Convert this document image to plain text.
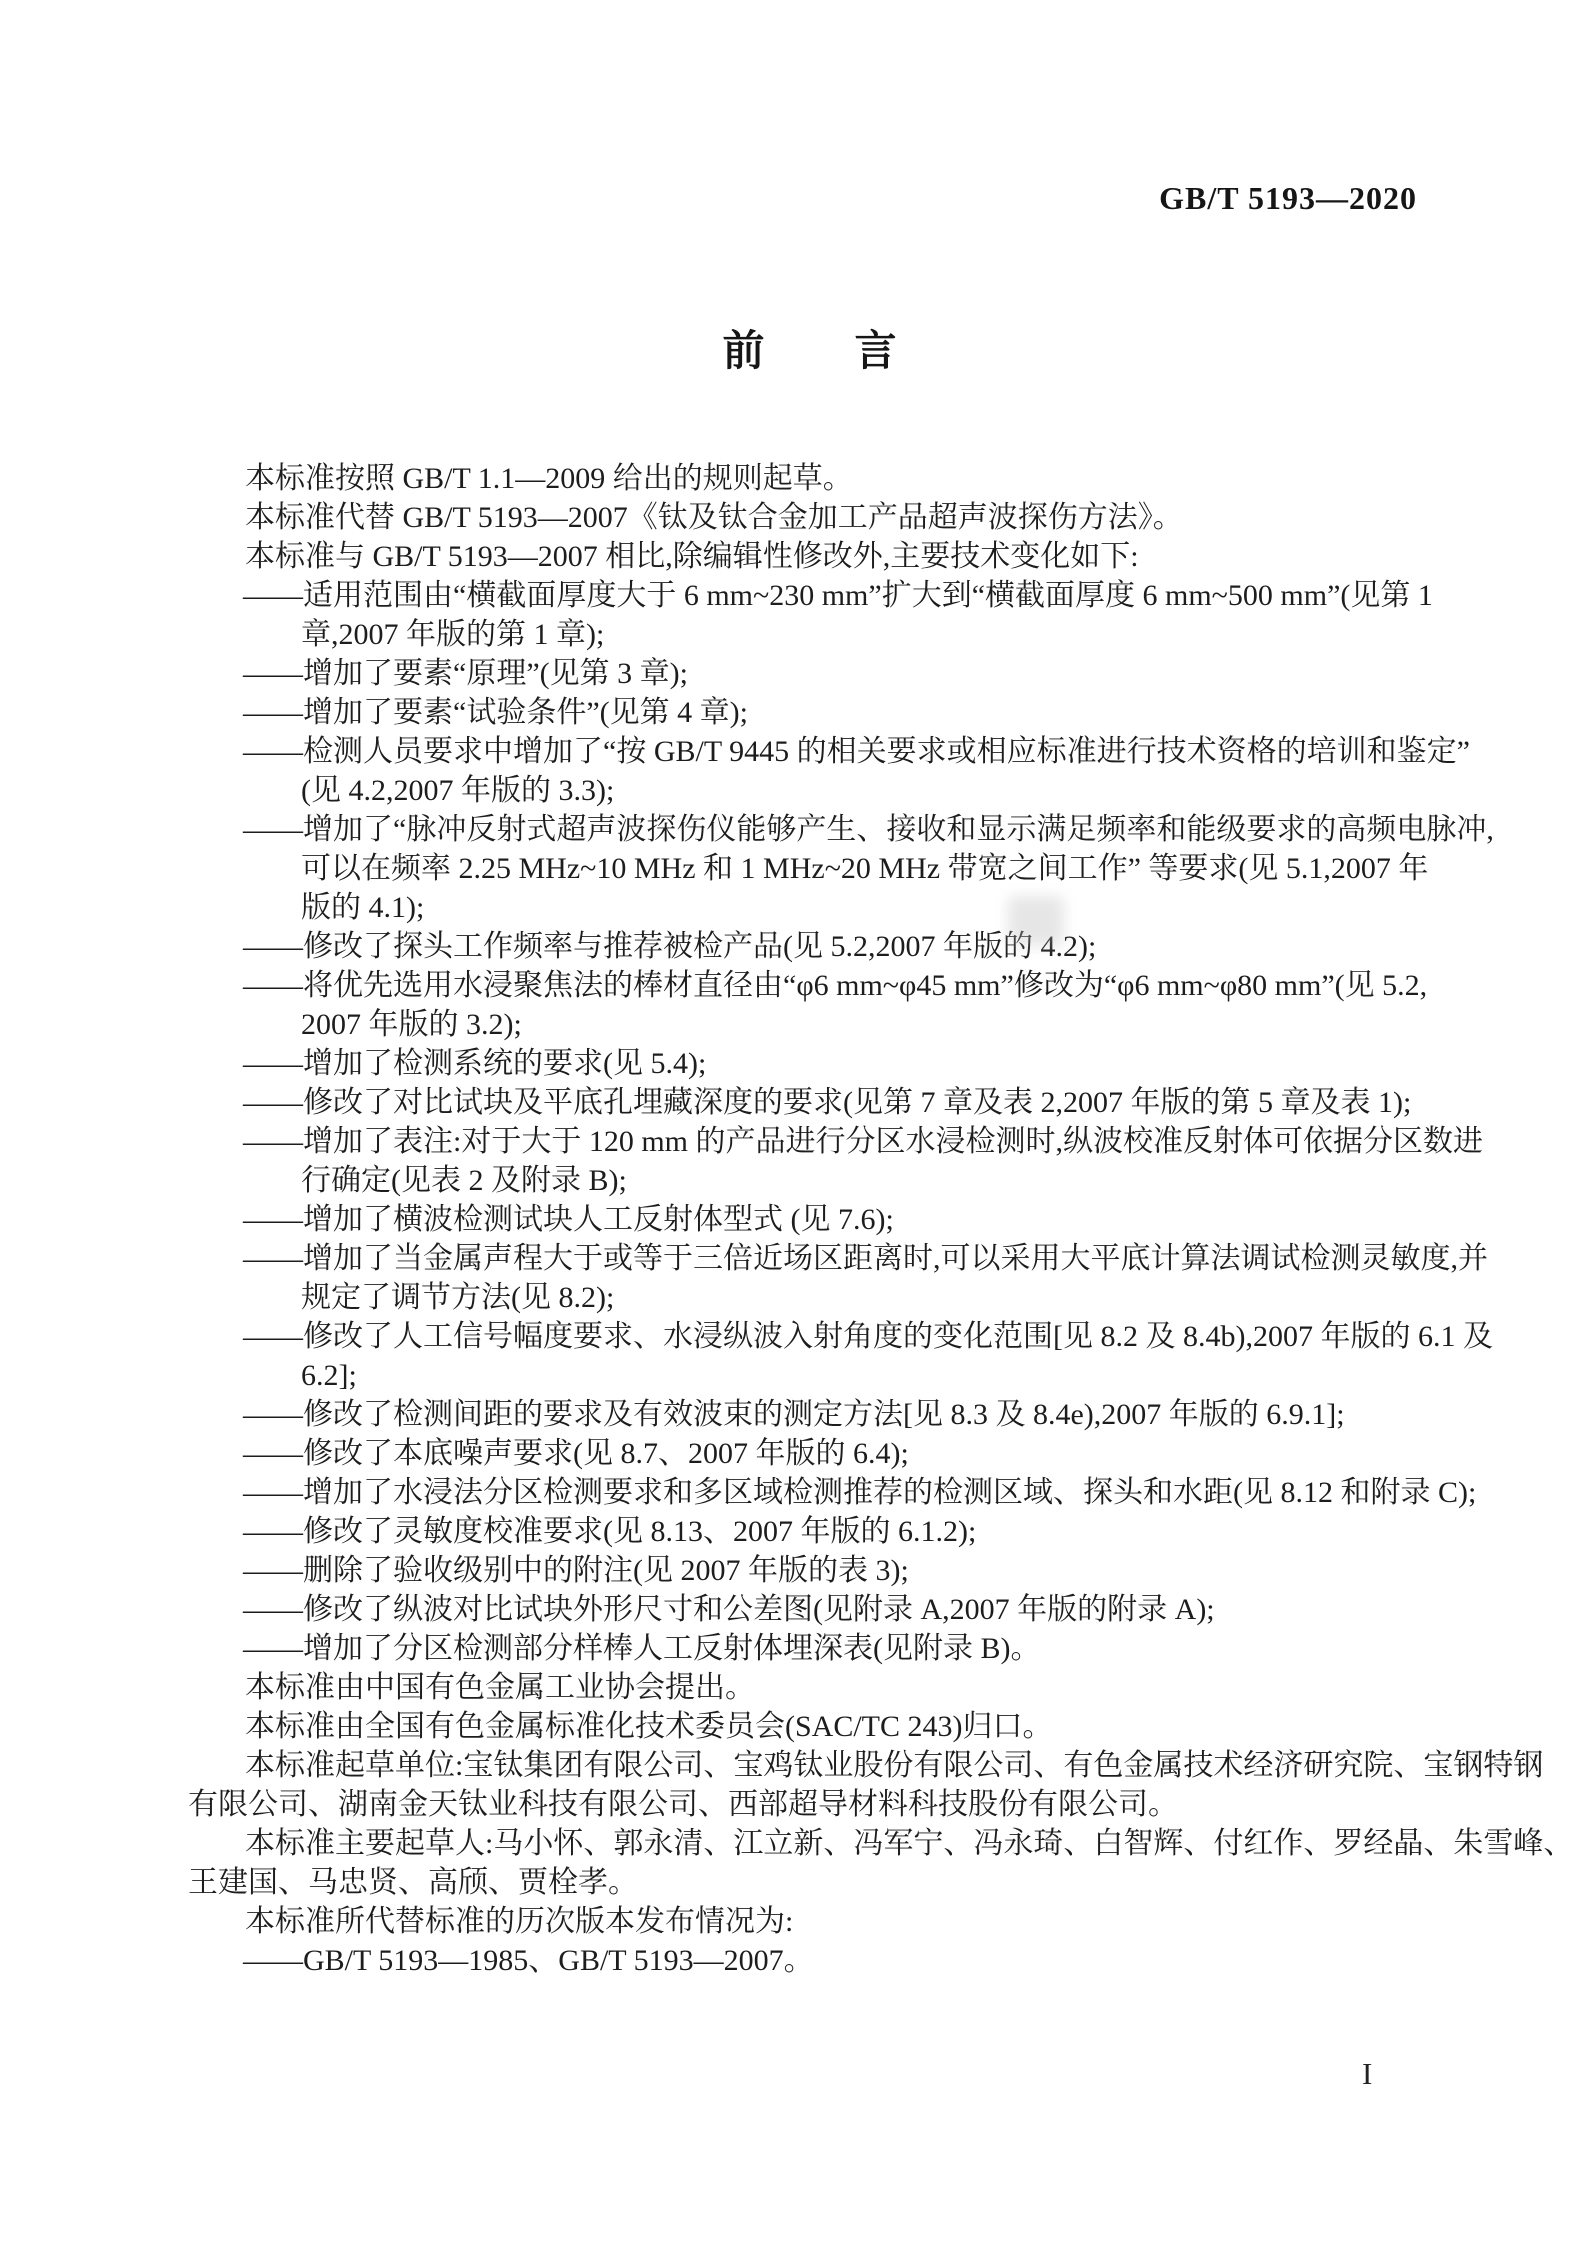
GB/T 5193—2020
前　　言
本标准按照 GB/T 1.1—2009 给出的规则起草。
本标准代替 GB/T 5193—2007《钛及钛合金加工产品超声波探伤方法》。
本标准与 GB/T 5193—2007 相比,除编辑性修改外,主要技术变化如下:
——适用范围由“横截面厚度大于 6 mm~230 mm”扩大到“横截面厚度 6 mm~500 mm”(见第 1
章,2007 年版的第 1 章);
——增加了要素“原理”(见第 3 章);
——增加了要素“试验条件”(见第 4 章);
——检测人员要求中增加了“按 GB/T 9445 的相关要求或相应标准进行技术资格的培训和鉴定”
(见 4.2,2007 年版的 3.3);
——增加了“脉冲反射式超声波探伤仪能够产生、接收和显示满足频率和能级要求的高频电脉冲,
可以在频率 2.25 MHz~10 MHz 和 1 MHz~20 MHz 带宽之间工作” 等要求(见 5.1,2007 年
版的 4.1);
——修改了探头工作频率与推荐被检产品(见 5.2,2007 年版的 4.2);
——将优先选用水浸聚焦法的棒材直径由“φ6 mm~φ45 mm”修改为“φ6 mm~φ80 mm”(见 5.2,
2007 年版的 3.2);
——增加了检测系统的要求(见 5.4);
——修改了对比试块及平底孔埋藏深度的要求(见第 7 章及表 2,2007 年版的第 5 章及表 1);
——增加了表注:对于大于 120 mm 的产品进行分区水浸检测时,纵波校准反射体可依据分区数进
行确定(见表 2 及附录 B);
——增加了横波检测试块人工反射体型式 (见 7.6);
——增加了当金属声程大于或等于三倍近场区距离时,可以采用大平底计算法调试检测灵敏度,并
规定了调节方法(见 8.2);
——修改了人工信号幅度要求、水浸纵波入射角度的变化范围[见 8.2 及 8.4b),2007 年版的 6.1 及
6.2];
——修改了检测间距的要求及有效波束的测定方法[见 8.3 及 8.4e),2007 年版的 6.9.1];
——修改了本底噪声要求(见 8.7、2007 年版的 6.4);
——增加了水浸法分区检测要求和多区域检测推荐的检测区域、探头和水距(见 8.12 和附录 C);
——修改了灵敏度校准要求(见 8.13、2007 年版的 6.1.2);
——删除了验收级别中的附注(见 2007 年版的表 3);
——修改了纵波对比试块外形尺寸和公差图(见附录 A,2007 年版的附录 A);
——增加了分区检测部分样棒人工反射体埋深表(见附录 B)。
本标准由中国有色金属工业协会提出。
本标准由全国有色金属标准化技术委员会(SAC/TC 243)归口。
本标准起草单位:宝钛集团有限公司、宝鸡钛业股份有限公司、有色金属技术经济研究院、宝钢特钢
有限公司、湖南金天钛业科技有限公司、西部超导材料科技股份有限公司。
本标准主要起草人:马小怀、郭永清、江立新、冯军宁、冯永琦、白智辉、付红作、罗经晶、朱雪峰、
王建国、马忠贤、高颀、贾栓孝。
本标准所代替标准的历次版本发布情况为:
——GB/T 5193—1985、GB/T 5193—2007。
I
